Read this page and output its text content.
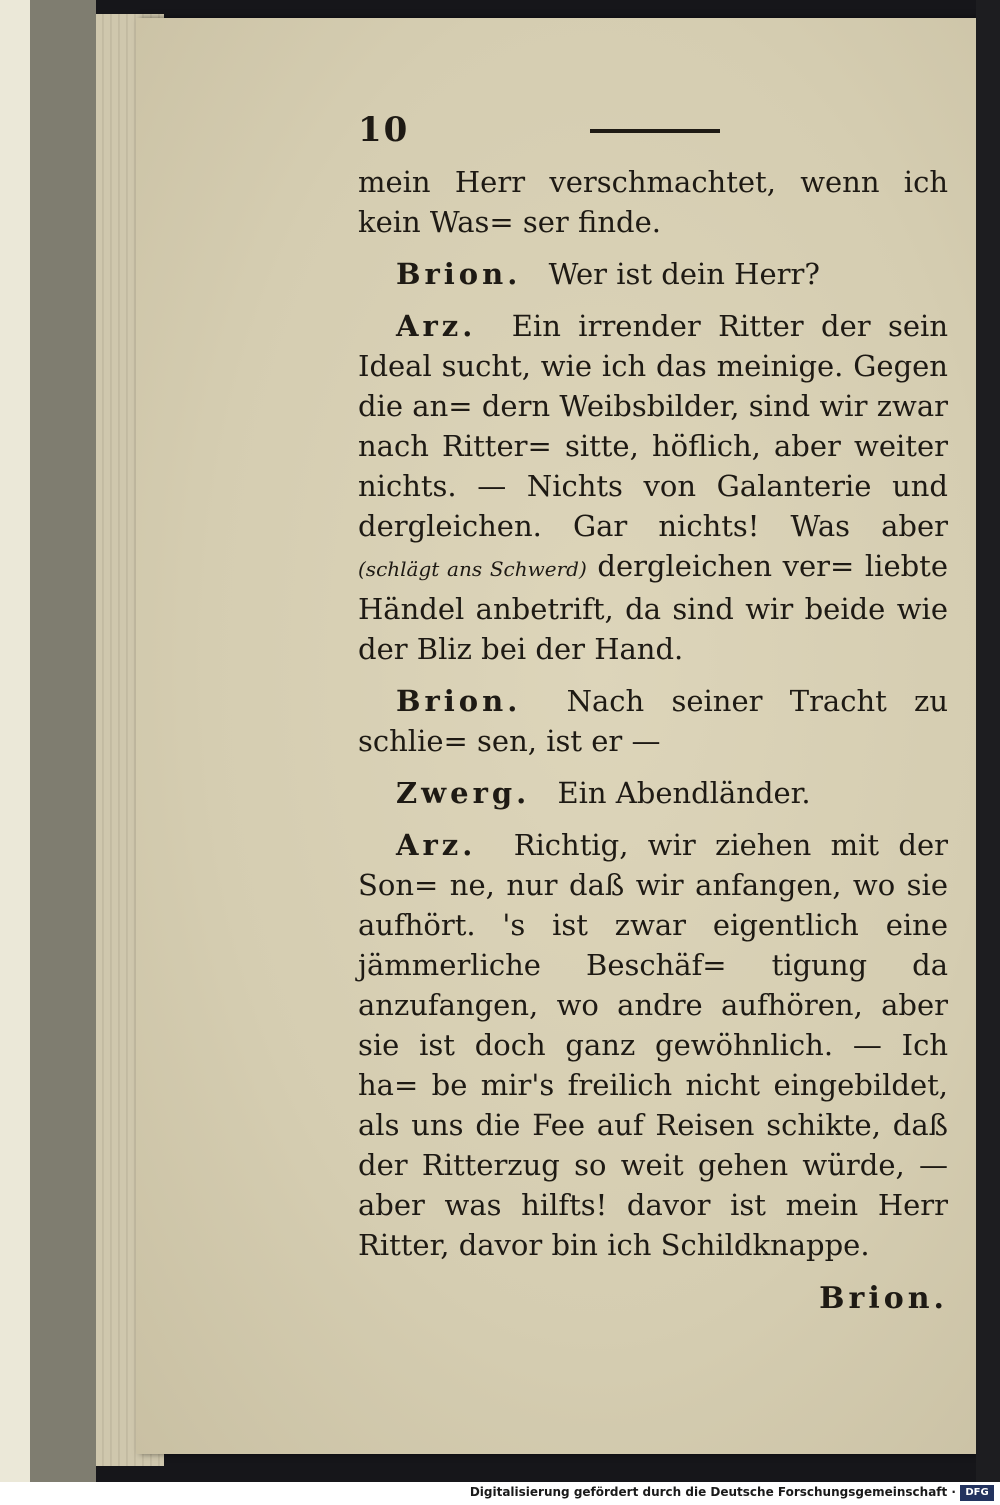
10

mein Herr verschmachtet, wenn ich kein Was= ser finde.

Brion. Wer ist dein Herr?

Arz. Ein irrender Ritter der sein Ideal sucht, wie ich das meinige. Gegen die an= dern Weibsbilder, sind wir zwar nach Ritter= sitte, höflich, aber weiter nichts. — Nichts von Galanterie und dergleichen. Gar nichts! Was aber (schlägt ans Schwerd) dergleichen ver= liebte Händel anbetrift, da sind wir beide wie der Bliz bei der Hand.

Brion. Nach seiner Tracht zu schlie= sen, ist er —

Zwerg. Ein Abendländer.

Arz. Richtig, wir ziehen mit der Son= ne, nur daß wir anfangen, wo sie aufhört. 's ist zwar eigentlich eine jämmerliche Beschäf= tigung da anzufangen, wo andre aufhören, aber sie ist doch ganz gewöhnlich. — Ich ha= be mir's freilich nicht eingebildet, als uns die Fee auf Reisen schikte, daß der Ritterzug so weit gehen würde, — aber was hilfts! davor ist mein Herr Ritter, davor bin ich Schildknappe.

Brion.
Digitalisierung gefördert durch die Deutsche Forschungsgemeinschaft · DFG
